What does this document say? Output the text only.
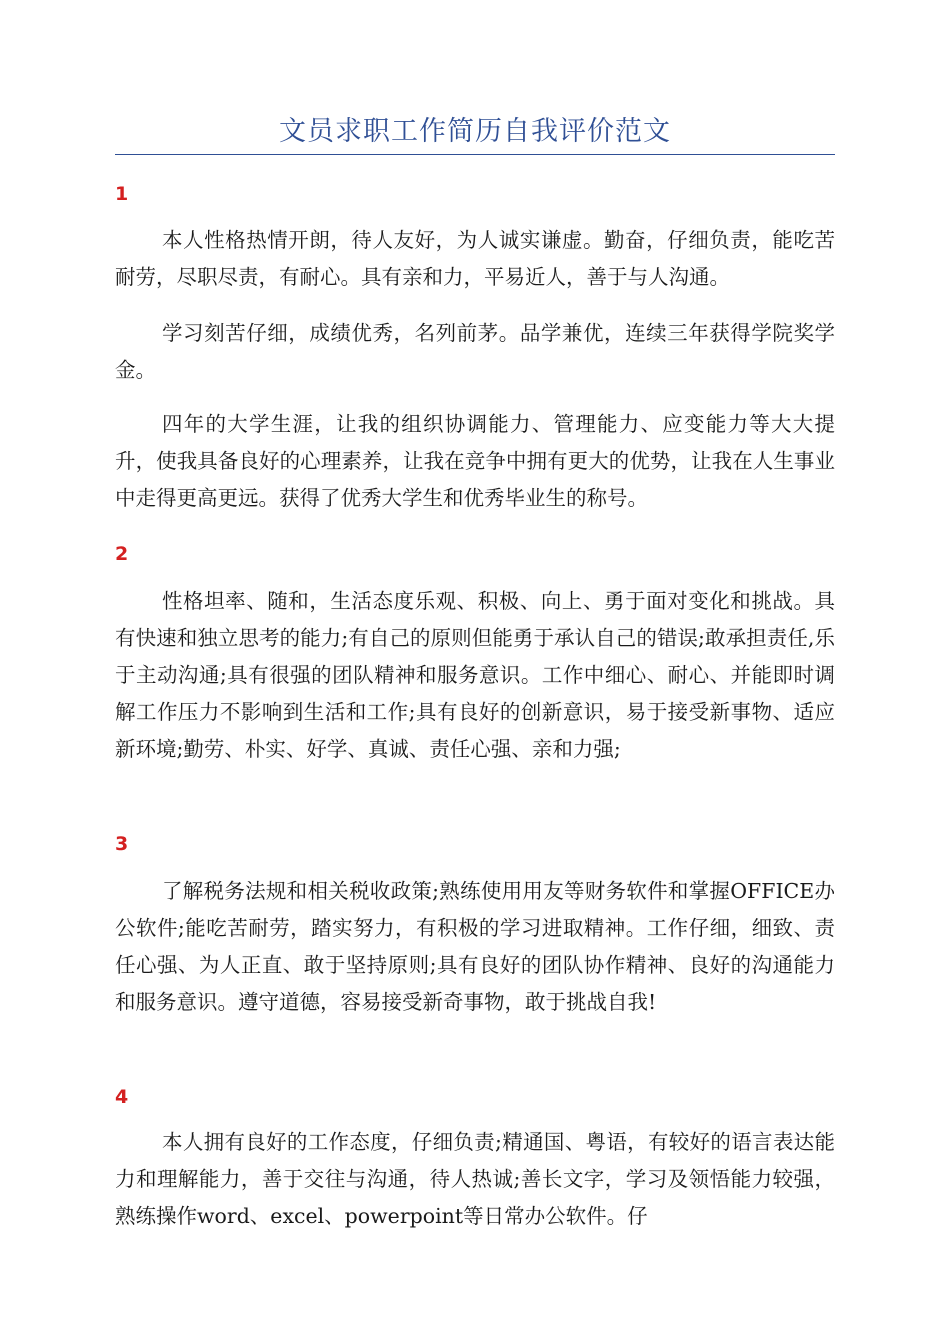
文员求职工作简历自我评价范文
1

本人性格热情开朗，待人友好，为人诚实谦虚。勤奋，仔细负责，能吃苦耐劳，尽职尽责，有耐心。具有亲和力，平易近人，善于与人沟通。

学习刻苦仔细，成绩优秀，名列前茅。品学兼优，连续三年获得学院奖学金。

四年的大学生涯，让我的组织协调能力、管理能力、应变能力等大大提升，使我具备良好的心理素养，让我在竞争中拥有更大的优势，让我在人生事业中走得更高更远。获得了优秀大学生和优秀毕业生的称号。

2

性格坦率、随和，生活态度乐观、积极、向上、勇于面对变化和挑战。具有快速和独立思考的能力;有自己的原则但能勇于承认自己的错误;敢承担责任,乐于主动沟通;具有很强的团队精神和服务意识。工作中细心、耐心、并能即时调解工作压力不影响到生活和工作;具有良好的创新意识，易于接受新事物、适应新环境;勤劳、朴实、好学、真诚、责任心强、亲和力强;

3

了解税务法规和相关税收政策;熟练使用用友等财务软件和掌握OFFICE办公软件;能吃苦耐劳，踏实努力，有积极的学习进取精神。工作仔细，细致、责任心强、为人正直、敢于坚持原则;具有良好的团队协作精神、良好的沟通能力和服务意识。遵守道德，容易接受新奇事物，敢于挑战自我!

4

本人拥有良好的工作态度，仔细负责;精通国、粤语，有较好的语言表达能力和理解能力，善于交往与沟通，待人热诚;善长文字，学习及领悟能力较强，熟练操作word、excel、powerpoint等日常办公软件。仔
